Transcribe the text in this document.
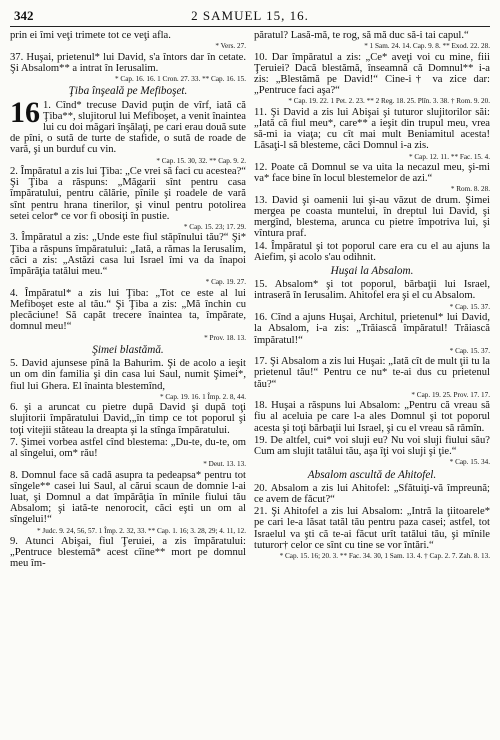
342	2 SAMUEL 15, 16.

prin ei îmi veţi trimete tot ce veţi afla.

* Vers. 27.

37. Huşai, prietenul* lui David, s'a întors dar în cetate. Şi Absalom** a intrat în Ierusalim.

* Cap. 16. 16. 1 Cron. 27. 33. ** Cap. 16. 15.
Ţiba înşeală pe Mefiboşet.
16 1. Cînd* trecuse David puţin de vîrf, iată că Ţiba**, slujitorul lui Mefiboşet, a venit înaintea lui cu doi măgari înşălaţi, pe cari erau două sute de pîni, o sută de turte de stafide, o sută de roade de vară, şi un burduf cu vin.

* Cap. 15. 30, 32. ** Cap. 9. 2.

2. Împăratul a zis lui Ţiba: „Ce vrei să faci cu acestea?“ Şi Ţiba a răspuns: „Măgarii sînt pentru casa împăratului, pentru călărie, pînile şi roadele de vară sînt pentru hrana tinerilor, şi vinul pentru potolirea setei celor* ce vor fi obosiţi în pustie.

* Cap. 15. 23; 17. 29.

3. Împăratul a zis: „Unde este fiul stăpînului tău?“ Şi* Ţiba a răspuns împăratului: „Iată, a rămas la Ierusalim, căci a zis: „Astăzi casa lui Israel îmi va da înapoi împărăţia tatălui meu.“

* Cap. 19. 27.

4. Împăratul* a zis lui Ţiba: „Tot ce este al lui Mefiboşet este al tău.“ Şi Ţiba a zis: „Mă închin cu plecăciune! Să capăt trecere înaintea ta, împărate, domnul meu!“

* Prov. 18. 13.
Şimei blastămă.

5. David ajunsese pînă la Bahurim. Şi de acolo a ieşit un om din familia şi din casa lui Saul, numit Şimei*, fiul lui Ghera. El înainta blestemînd,

* Cap. 19. 16. 1 Împ. 2. 8, 44.

6. şi a aruncat cu pietre după David şi după toţi slujitorii împăratului David,„în timp ce tot poporul şi toţi vitejii stăteau la dreapta şi la stînga împăratului.

7. Şimei vorbea astfel cînd blestema: „Du-te, du-te, om al sîngelui, om* rău!

* Deut. 13. 13.

8. Domnul face să cadă asupra ta pedeapsa* pentru tot sîngele** casei lui Saul, al cărui scaun de domnie l-ai luat, şi Domnul a dat împărăţia în mînile fiului tău Absalom; şi iată-te nenorocit, căci eşti un om al sîngelui!“

* Judc. 9. 24, 56, 57. 1 Împ. 2. 32, 33. ** Cap. 1. 16; 3. 28, 29; 4. 11, 12.

9. Atunci Abişai, fiul Ţeruiei, a zis împăratului: „Pentruce blestemă* acest cîine** mort pe domnul meu îm-

păratul? Lasă-mă, te rog, să mă duc să-i tai capul.“

* 1 Sam. 24. 14. Cap. 9. 8. ** Exod. 22. 28.

10. Dar împăratul a zis: „Ce* aveţi voi cu mine, fiii Ţeruiei? Dacă blestămă, înseamnă că Domnul** i-a zis: „Blestămă pe David!“ Cine-i† va zice dar: „Pentruce faci aşa?“

* Cap. 19. 22. 1 Pet. 2. 23. ** 2 Reg. 18. 25. Plîn. 3. 38. † Rom. 9. 20.

11. Şi David a zis lui Abişai şi tuturor slujitorilor săi: „Iată că fiul meu*, care** a ieşit din trupul meu, vrea să-mi ia viaţa; cu cît mai mult Beniamitul acesta! Lăsaţi-l să blesteme, căci Domnul i-a zis.

* Cap. 12. 11. ** Fac. 15. 4.

12. Poate că Domnul se va uita la necazul meu, şi-mi va* face bine în locul blestemelor de azi.“

* Rom. 8. 28.

13. David şi oamenii lui şi-au văzut de drum. Şimei mergea pe coasta muntelui, în dreptul lui David, şi mergînd, blestema, arunca cu pietre împotriva lui, şi vîntura praf.

14. Împăratul şi tot poporul care era cu el au ajuns la Aiefim, şi acolo s'au odihnit.

Huşai la Absalom.

15. Absalom* şi tot poporul, bărbaţii lui Israel, intraseră în Ierusalim. Ahitofel era şi el cu Absalom.

* Cap. 15. 37.

16. Cînd a ajuns Huşai, Architul, prietenul* lui David, la Absalom, i-a zis: „Trăiască împăratul! Trăiască împăratul!“

* Cap. 15. 37.

17. Şi Absalom a zis lui Huşai: „Iată cît de mult ţii tu la prietenul tău!“ Pentru ce nu* te-ai dus cu prietenul tău?“

* Cap. 19. 25. Prov. 17. 17.

18. Huşai a răspuns lui Absalom: „Pentru că vreau să fiu al aceluia pe care l-a ales Domnul şi tot poporul acesta şi toţi bărbaţii lui Israel, şi cu el vreau să rămîn.

19. De altfel, cui* voi sluji eu? Nu voi sluji fiului său? Cum am slujit tatălui tău, aşa îţi voi sluji şi ţie.“

* Cap. 15. 34.
Absalom ascultă de Ahitofel.

20. Absalom a zis lui Ahitofel: „Sfătuiţi-vă împreună; ce avem de făcut?“

21. Şi Ahitofel a zis lui Absalom: „Intră la ţiitoarele* pe cari le-a lăsat tatăl tău pentru paza casei; astfel, tot Israelul va şti că te-ai făcut urît tatălui tău, şi mînile tuturor† celor ce sînt cu tine se vor întări.“

* Cap. 15. 16; 20. 3. ** Fac. 34. 30, 1 Sam. 13. 4. † Cap. 2. 7. Zah. 8. 13.
